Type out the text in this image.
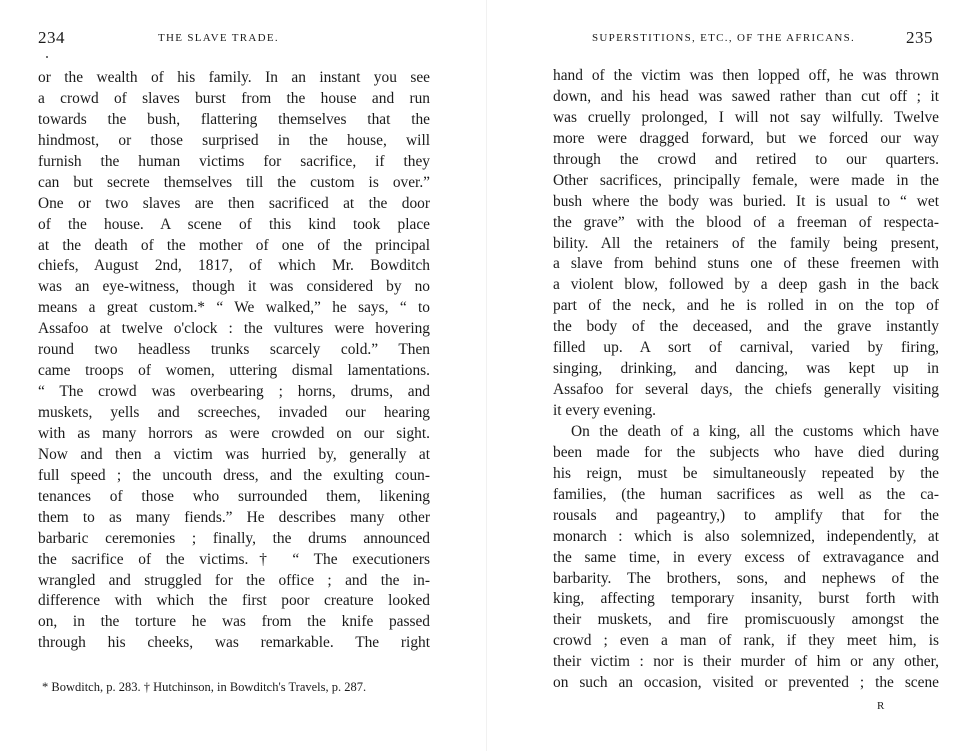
234	THE SLAVE TRADE.
or the wealth of his family. In an instant you see
a crowd of slaves burst from the house and run
towards the bush, flattering themselves that the
hindmost, or those surprised in the house, will
furnish the human victims for sacrifice, if they
can but secrete themselves till the custom is over.”
One or two slaves are then sacrificed at the door
of the house. A scene of this kind took place
at the death of the mother of one of the principal
chiefs, August 2nd, 1817, of which Mr. Bowditch
was an eye-witness, though it was considered by no
means a great custom.* “ We walked,” he says, “ to
Assafoo at twelve o'clock : the vultures were hovering
round two headless trunks scarcely cold.” Then
came troops of women, uttering dismal lamentations.
“ The crowd was overbearing ; horns, drums, and
muskets, yells and screeches, invaded our hearing
with as many horrors as were crowded on our sight.
Now and then a victim was hurried by, generally at
full speed ; the uncouth dress, and the exulting coun-
tenances of those who surrounded them, likening
them to as many fiends.” He describes many other
barbaric ceremonies ; finally, the drums announced
the sacrifice of the victims.† “ The executioners
wrangled and struggled for the office ; and the in-
difference with which the first poor creature looked
on, in the torture he was from the knife passed
through his cheeks, was remarkable. The right
* Bowditch, p. 283. † Hutchinson, in Bowditch's Travels, p. 287.
SUPERSTITIONS, ETC., OF THE AFRICANS.	235
hand of the victim was then lopped off, he was thrown
down, and his head was sawed rather than cut off ; it
was cruelly prolonged, I will not say wilfully. Twelve
more were dragged forward, but we forced our way
through the crowd and retired to our quarters.
Other sacrifices, principally female, were made in the
bush where the body was buried. It is usual to “ wet
the grave” with the blood of a freeman of respecta-
bility. All the retainers of the family being present,
a slave from behind stuns one of these freemen with
a violent blow, followed by a deep gash in the back
part of the neck, and he is rolled in on the top of
the body of the deceased, and the grave instantly
filled up. A sort of carnival, varied by firing,
singing, drinking, and dancing, was kept up in
Assafoo for several days, the chiefs generally visiting
it every evening.
On the death of a king, all the customs which have
been made for the subjects who have died during
his reign, must be simultaneously repeated by the
families, (the human sacrifices as well as the ca-
rousals and pageantry,) to amplify that for the
monarch : which is also solemnized, independently, at
the same time, in every excess of extravagance and
barbarity. The brothers, sons, and nephews of the
king, affecting temporary insanity, burst forth with
their muskets, and fire promiscuously amongst the
crowd ; even a man of rank, if they meet him, is
their victim : nor is their murder of him or any other,
on such an occasion, visited or prevented ; the scene
R
